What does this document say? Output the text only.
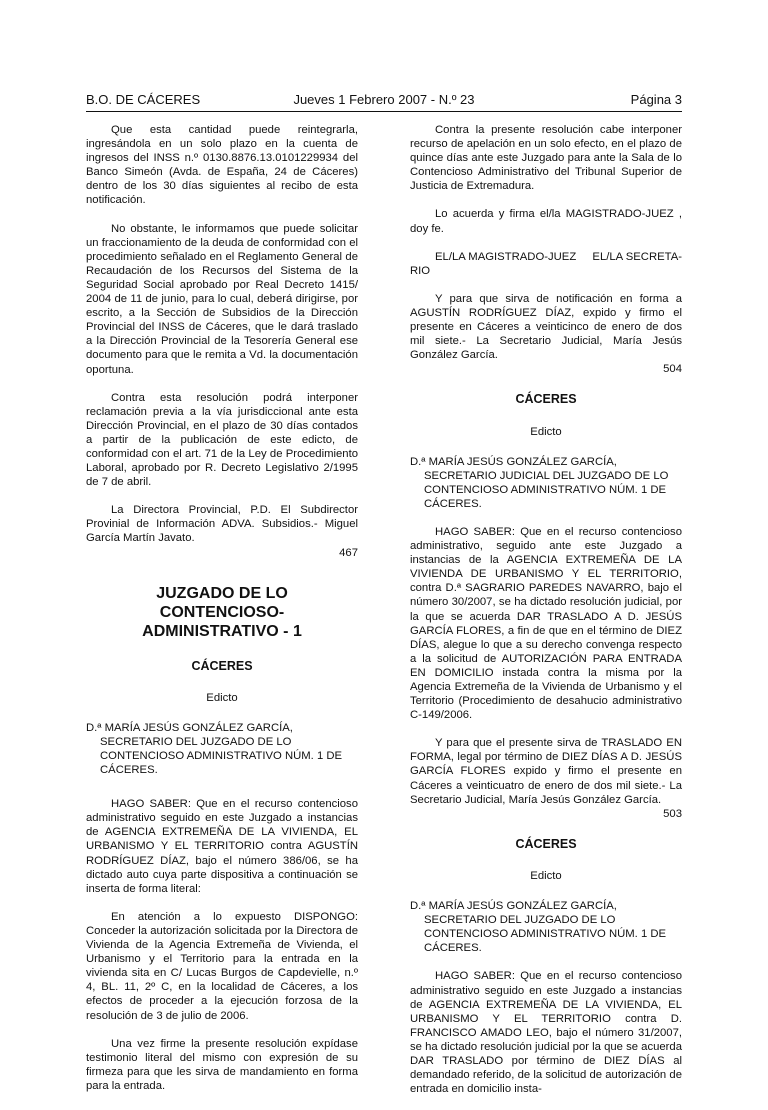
B.O. DE CÁCERES	Jueves 1 Febrero 2007 - N.º 23	Página 3

Que esta cantidad puede reintegrarla, ingresándola en un solo plazo en la cuenta de ingresos del INSS n.º 0130.8876.13.0101229934 del Banco Simeón (Avda. de España, 24 de Cáceres) dentro de los 30 días siguientes al recibo de esta notificación.

No obstante, le informamos que puede solicitar un fraccionamiento de la deuda de conformidad con el procedimiento señalado en el Reglamento General de Recaudación de los Recursos del Sistema de la Seguridad Social aprobado por Real Decreto 1415/ 2004 de 11 de junio, para lo cual, deberá dirigirse, por escrito, a la Sección de Subsidios de la Dirección Provincial del INSS de Cáceres, que le dará traslado a la Dirección Provincial de la Tesorería General ese documento para que le remita a Vd. la documentación oportuna.

Contra esta resolución podrá interponer reclamación previa a la vía jurisdiccional ante esta Dirección Provincial, en el plazo de 30 días contados a partir de la publicación de este edicto, de conformidad con el art. 71 de la Ley de Procedimiento Laboral, aprobado por R. Decreto Legislativo 2/1995 de 7 de abril.

La Directora Provincial, P.D. El Subdirector Provinial de Información ADVA. Subsidios.- Miguel García Martín Javato.

467
JUZGADO DE LO CONTENCIOSO-ADMINISTRATIVO - 1
CÁCERES
Edicto

D.ª MARÍA JESÚS GONZÁLEZ GARCÍA, SECRETARIO DEL JUZGADO DE LO CONTENCIOSO ADMINISTRATIVO NÚM. 1 DE CÁCERES.

HAGO SABER: Que en el recurso contencioso administrativo seguido en este Juzgado a instancias de AGENCIA EXTREMEÑA DE LA VIVIENDA, EL URBANISMO Y EL TERRITORIO contra AGUSTÍN RODRÍGUEZ DÍAZ, bajo el número 386/06, se ha dictado auto cuya parte dispositiva a continuación se inserta de forma literal:

En atención a lo expuesto DISPONGO: Conceder la autorización solicitada por la Directora de Vivienda de la Agencia Extremeña de Vivienda, el Urbanismo y el Territorio para la entrada en la vivienda sita en C/ Lucas Burgos de Capdevielle, n.º 4, BL. 11, 2º C, en la localidad de Cáceres, a los efectos de proceder a la ejecución forzosa de la resolución de 3 de julio de 2006.

Una vez firme la presente resolución expídase testimonio literal del mismo con expresión de su firmeza para que les sirva de mandamiento en forma para la entrada.

Contra la presente resolución cabe interponer recurso de apelación en un solo efecto, en el plazo de quince días ante este Juzgado para ante la Sala de lo Contencioso Administrativo del Tribunal Superior de Justicia de Extremadura.

Lo acuerda y firma el/la MAGISTRADO-JUEZ , doy fe.

EL/LA MAGISTRADO-JUEZ EL/LA SECRETA-
RIO

Y para que sirva de notificación en forma a AGUSTÍN RODRÍGUEZ DÍAZ, expido y firmo el presente en Cáceres a veinticinco de enero de dos mil siete.- La Secretario Judicial, María Jesús González García.

504
CÁCERES
Edicto

D.ª MARÍA JESÚS GONZÁLEZ GARCÍA, SECRETARIO JUDICIAL DEL JUZGADO DE LO CONTENCIOSO ADMINISTRATIVO NÚM. 1 DE CÁCERES.

HAGO SABER: Que en el recurso contencioso administrativo, seguido ante este Juzgado a instancias de la AGENCIA EXTREMEÑA DE LA VIVIENDA DE URBANISMO Y EL TERRITORIO, contra D.ª SAGRARIO PAREDES NAVARRO, bajo el número 30/2007, se ha dictado resolución judicial, por la que se acuerda DAR TRASLADO A D. JESÚS GARCÍA FLORES, a fin de que en el término de DIEZ DÍAS, alegue lo que a su derecho convenga respecto a la solicitud de AUTORIZACIÓN PARA ENTRADA EN DOMICILIO instada contra la misma por la Agencia Extremeña de la Vivienda de Urbanismo y el Territorio (Procedimiento de desahucio administrativo C-149/2006.

Y para que el presente sirva de TRASLADO EN FORMA, legal por término de DIEZ DÍAS A D. JESÚS GARCÍA FLORES expido y firmo el presente en Cáceres a veinticuatro de enero de dos mil siete.- La Secretario Judicial, María Jesús González García.

503
CÁCERES
Edicto

D.ª MARÍA JESÚS GONZÁLEZ GARCÍA, SECRETARIO DEL JUZGADO DE LO CONTENCIOSO ADMINISTRATIVO NÚM. 1 DE CÁCERES.

HAGO SABER: Que en el recurso contencioso administrativo seguido en este Juzgado a instancias de AGENCIA EXTREMEÑA DE LA VIVIENDA, EL URBANISMO Y EL TERRITORIO contra D. FRANCISCO AMADO LEO, bajo el número 31/2007, se ha dictado resolución judicial por la que se acuerda DAR TRASLADO por término de DIEZ DÍAS al demandado referido, de la solicitud de autorización de entrada en domicilio insta-
